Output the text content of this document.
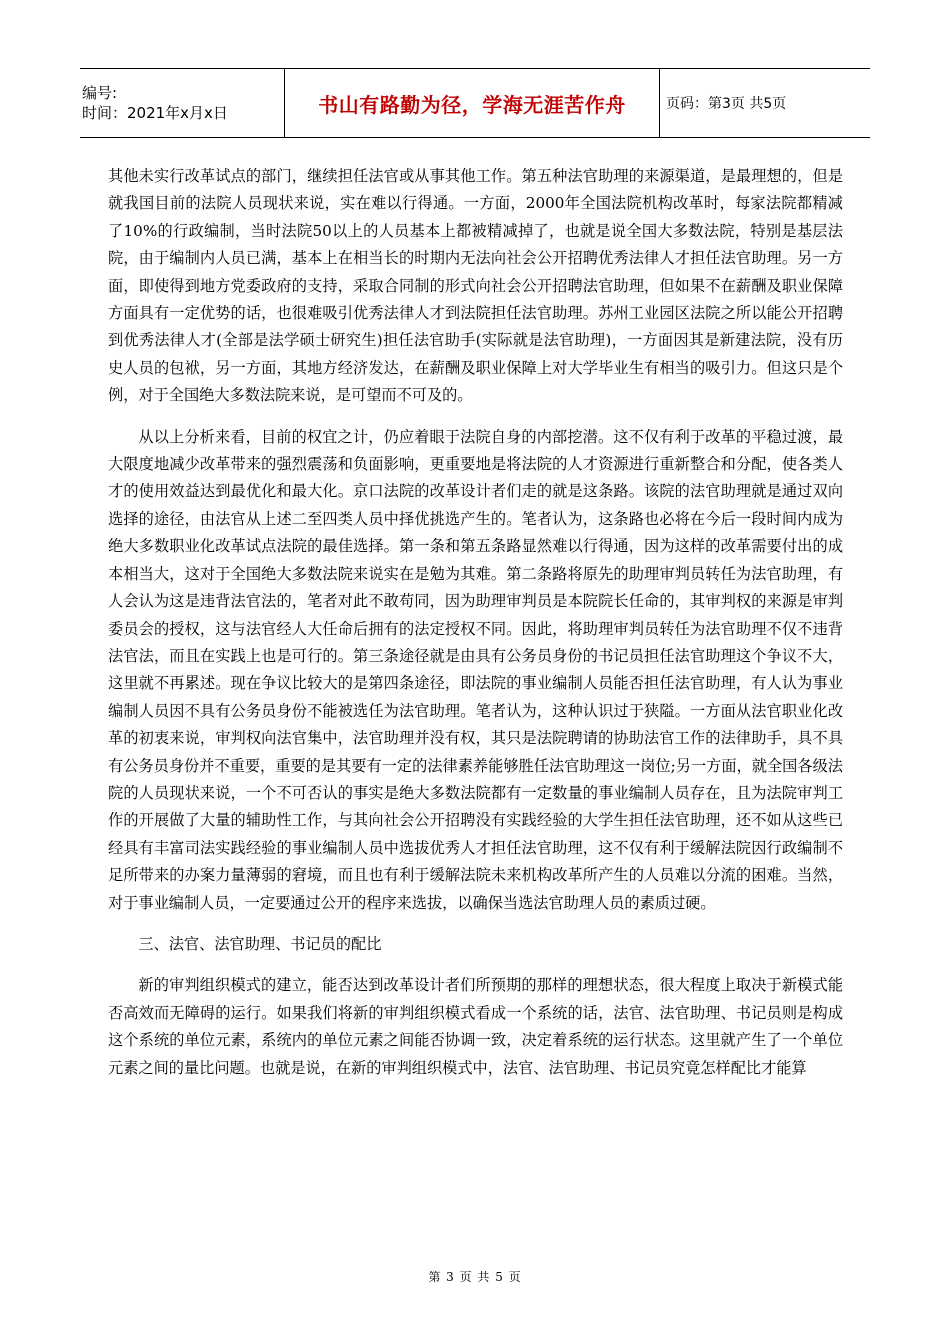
编号:
时间：2021年x月x日	书山有路勤为径，学海无涯苦作舟	页码：第3页 共5页

其他未实行改革试点的部门，继续担任法官或从事其他工作。第五种法官助理的来源渠道，是最理想的，但是就我国目前的法院人员现状来说，实在难以行得通。一方面，2000年全国法院机构改革时，每家法院都精减了10%的行政编制，当时法院50以上的人员基本上都被精减掉了，也就是说全国大多数法院，特别是基层法院，由于编制内人员已满，基本上在相当长的时期内无法向社会公开招聘优秀法律人才担任法官助理。另一方面，即使得到地方党委政府的支持，采取合同制的形式向社会公开招聘法官助理，但如果不在薪酬及职业保障方面具有一定优势的话，也很难吸引优秀法律人才到法院担任法官助理。苏州工业园区法院之所以能公开招聘到优秀法律人才(全部是法学硕士研究生)担任法官助手(实际就是法官助理)，一方面因其是新建法院，没有历史人员的包袱，另一方面，其地方经济发达，在薪酬及职业保障上对大学毕业生有相当的吸引力。但这只是个例，对于全国绝大多数法院来说，是可望而不可及的。

从以上分析来看，目前的权宜之计，仍应着眼于法院自身的内部挖潜。这不仅有利于改革的平稳过渡，最大限度地减少改革带来的强烈震荡和负面影响，更重要地是将法院的人才资源进行重新整合和分配，使各类人才的使用效益达到最优化和最大化。京口法院的改革设计者们走的就是这条路。该院的法官助理就是通过双向选择的途径，由法官从上述二至四类人员中择优挑选产生的。笔者认为，这条路也必将在今后一段时间内成为绝大多数职业化改革试点法院的最佳选择。第一条和第五条路显然难以行得通，因为这样的改革需要付出的成本相当大，这对于全国绝大多数法院来说实在是勉为其难。第二条路将原先的助理审判员转任为法官助理，有人会认为这是违背法官法的，笔者对此不敢苟同，因为助理审判员是本院院长任命的，其审判权的来源是审判委员会的授权，这与法官经人大任命后拥有的法定授权不同。因此，将助理审判员转任为法官助理不仅不违背法官法，而且在实践上也是可行的。第三条途径就是由具有公务员身份的书记员担任法官助理这个争议不大，这里就不再累述。现在争议比较大的是第四条途径，即法院的事业编制人员能否担任法官助理，有人认为事业编制人员因不具有公务员身份不能被选任为法官助理。笔者认为，这种认识过于狭隘。一方面从法官职业化改革的初衷来说，审判权向法官集中，法官助理并没有权，其只是法院聘请的协助法官工作的法律助手，具不具有公务员身份并不重要，重要的是其要有一定的法律素养能够胜任法官助理这一岗位;另一方面，就全国各级法院的人员现状来说，一个不可否认的事实是绝大多数法院都有一定数量的事业编制人员存在，且为法院审判工作的开展做了大量的辅助性工作，与其向社会公开招聘没有实践经验的大学生担任法官助理，还不如从这些已经具有丰富司法实践经验的事业编制人员中选拔优秀人才担任法官助理，这不仅有利于缓解法院因行政编制不足所带来的办案力量薄弱的窘境，而且也有利于缓解法院未来机构改革所产生的人员难以分流的困难。当然，对于事业编制人员，一定要通过公开的程序来选拔，以确保当选法官助理人员的素质过硬。

三、法官、法官助理、书记员的配比

新的审判组织模式的建立，能否达到改革设计者们所预期的那样的理想状态，很大程度上取决于新模式能否高效而无障碍的运行。如果我们将新的审判组织模式看成一个系统的话，法官、法官助理、书记员则是构成这个系统的单位元素，系统内的单位元素之间能否协调一致，决定着系统的运行状态。这里就产生了一个单位元素之间的量比问题。也就是说，在新的审判组织模式中，法官、法官助理、书记员究竟怎样配比才能算

第 3 页 共 5 页
